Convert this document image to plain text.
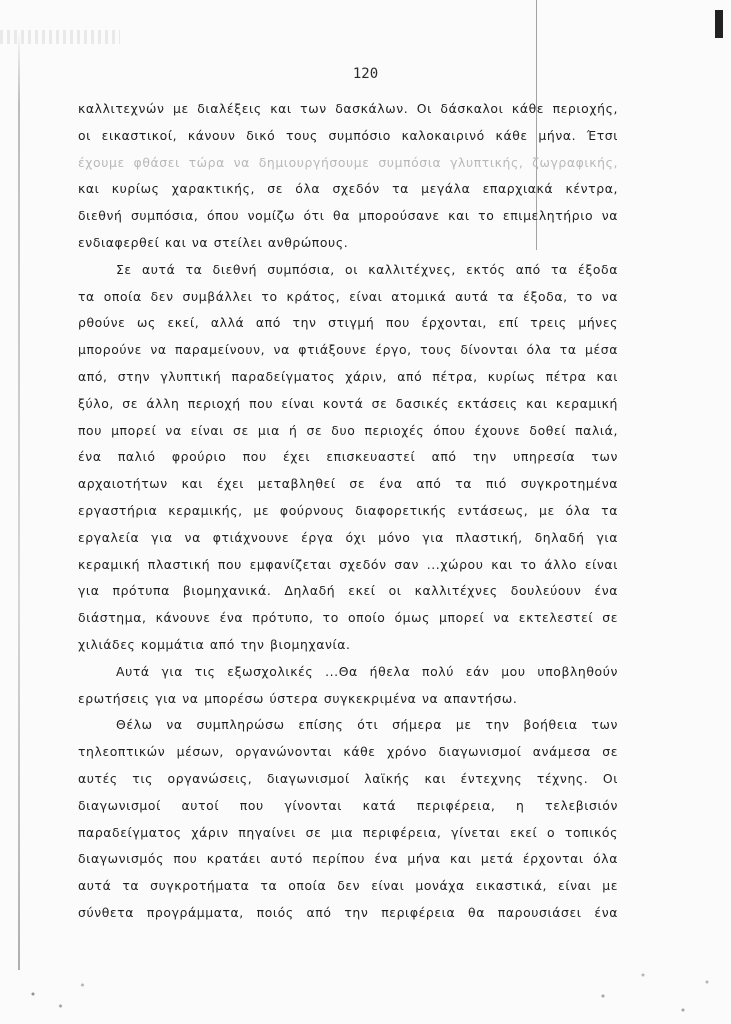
120
καλλιτεχνών με διαλέξεις και των δασκάλων. Οι δάσκαλοι κάθε περιοχής,
οι εικαστικοί, κάνουν δικό τους συμπόσιο καλοκαιρινό κάθε μήνα. Έτσι
έχουμε φθάσει τώρα να δημιουργήσουμε συμπόσια γλυπτικής, ζωγραφικής,
και κυρίως χαρακτικής, σε όλα σχεδόν τα μεγάλα επαρχιακά κέντρα,
διεθνή συμπόσια, όπου νομίζω ότι θα μπορούσανε και το επιμελητήριο να
ενδιαφερθεί και να στείλει ανθρώπους.
Σε αυτά τα διεθνή συμπόσια, οι καλλιτέχνες, εκτός από τα έξοδα
τα οποία δεν συμβάλλει το κράτος, είναι ατομικά αυτά τα έξοδα, το να
ρθούνε ως εκεί, αλλά από την στιγμή που έρχονται, επί τρεις μήνες
μπορούνε να παραμείνουν, να φτιάξουνε έργο, τους δίνονται όλα τα μέσα
από, στην γλυπτική παραδείγματος χάριν, από πέτρα, κυρίως πέτρα και
ξύλο, σε άλλη περιοχή που είναι κοντά σε δασικές εκτάσεις και κεραμική
που μπορεί να είναι σε μια ή σε δυο περιοχές όπου έχουνε δοθεί παλιά,
ένα παλιό φρούριο που έχει επισκευαστεί από την υπηρεσία των
αρχαιοτήτων και έχει μεταβληθεί σε ένα από τα πιό συγκροτημένα
εργαστήρια κεραμικής, με φούρνους διαφορετικής εντάσεως, με όλα τα
εργαλεία για να φτιάχνουνε έργα όχι μόνο για πλαστική, δηλαδή για
κεραμική πλαστική που εμφανίζεται σχεδόν σαν ...χώρου και το άλλο είναι
για πρότυπα βιομηχανικά. Δηλαδή εκεί οι καλλιτέχνες δουλεύουν ένα
διάστημα, κάνουνε ένα πρότυπο, το οποίο όμως μπορεί να εκτελεστεί σε
χιλιάδες κομμάτια από την βιομηχανία.
Αυτά για τις εξωσχολικές ...Θα ήθελα πολύ εάν μου υποβληθούν
ερωτήσεις για να μπορέσω ύστερα συγκεκριμένα να απαντήσω.
Θέλω να συμπληρώσω επίσης ότι σήμερα με την βοήθεια των
τηλεοπτικών μέσων, οργανώνονται κάθε χρόνο διαγωνισμοί ανάμεσα σε
αυτές τις οργανώσεις, διαγωνισμοί λαϊκής και έντεχνης τέχνης. Οι
διαγωνισμοί αυτοί που γίνονται κατά περιφέρεια, η τελεβισιόν
παραδείγματος χάριν πηγαίνει σε μια περιφέρεια, γίνεται εκεί ο τοπικός
διαγωνισμός που κρατάει αυτό περίπου ένα μήνα και μετά έρχονται όλα
αυτά τα συγκροτήματα τα οποία δεν είναι μονάχα εικαστικά, είναι με
σύνθετα προγράμματα, ποιός από την περιφέρεια θα παρουσιάσει ένα
